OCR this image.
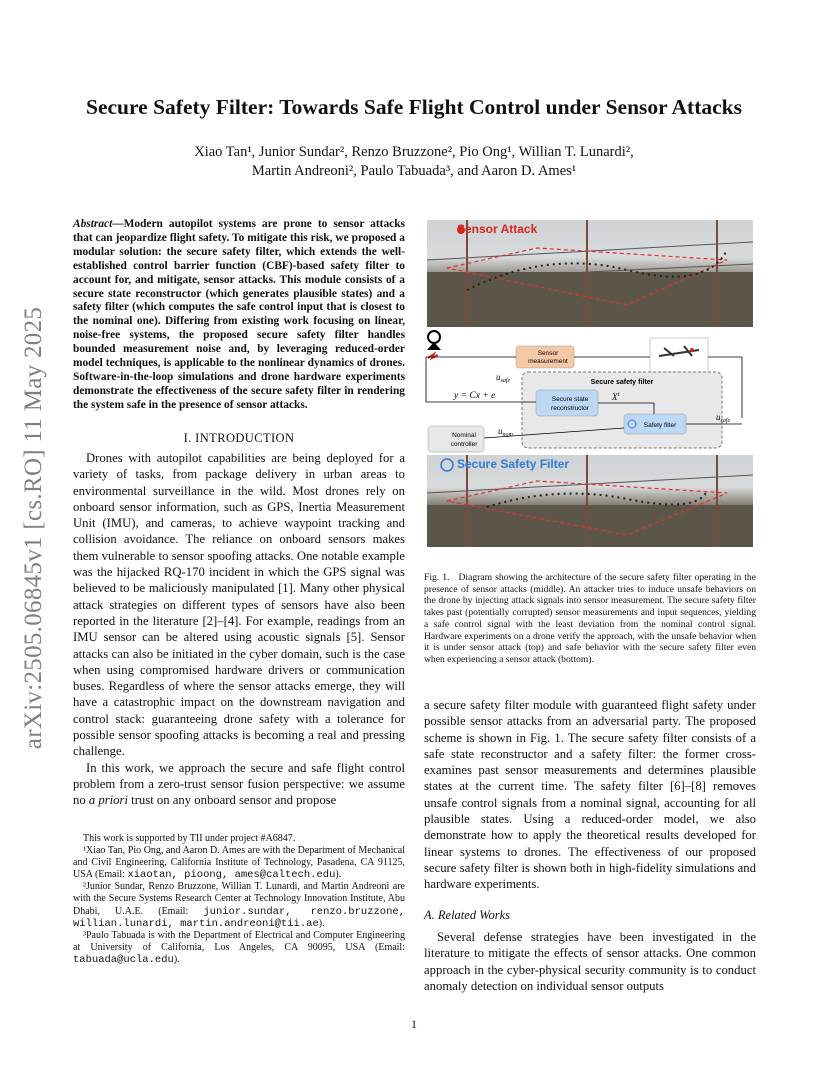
arXiv:2505.06845v1 [cs.RO] 11 May 2025
Secure Safety Filter: Towards Safe Flight Control under Sensor Attacks
Xiao Tan¹, Junior Sundar², Renzo Bruzzone², Pio Ong¹, Willian T. Lunardi²,
Martin Andreoni², Paulo Tabuada³, and Aaron D. Ames¹
Abstract—Modern autopilot systems are prone to sensor attacks that can jeopardize flight safety. To mitigate this risk, we proposed a modular solution: the secure safety filter, which extends the well-established control barrier function (CBF)-based safety filter to account for, and mitigate, sensor attacks. This module consists of a secure state reconstructor (which generates plausible states) and a safety filter (which computes the safe control input that is closest to the nominal one). Differing from existing work focusing on linear, noise-free systems, the proposed secure safety filter handles bounded measurement noise and, by leveraging reduced-order model techniques, is applicable to the nonlinear dynamics of drones. Software-in-the-loop simulations and drone hardware experiments demonstrate the effectiveness of the secure safety filter in rendering the system safe in the presence of sensor attacks.
I. INTRODUCTION

Drones with autopilot capabilities are being deployed for a variety of tasks, from package delivery in urban areas to environmental surveillance in the wild. Most drones rely on onboard sensor information, such as GPS, Inertia Measurement Unit (IMU), and cameras, to achieve waypoint tracking and collision avoidance. The reliance on onboard sensors makes them vulnerable to sensor spoofing attacks. One notable example was the hijacked RQ-170 incident in which the GPS signal was believed to be maliciously manipulated [1]. Many other physical attack strategies on different types of sensors have also been reported in the literature [2]–[4]. For example, readings from an IMU sensor can be altered using acoustic signals [5]. Sensor attacks can also be initiated in the cyber domain, such is the case when using compromised hardware drivers or communication buses. Regardless of where the sensor attacks emerge, they will have a catastrophic impact on the downstream navigation and control stack: guaranteeing drone safety with a tolerance for possible sensor spoofing attacks is becoming a real and pressing challenge.

In this work, we approach the secure and safe flight control problem from a zero-trust sensor fusion perspective: we assume no a priori trust on any onboard sensor and propose

This work is supported by TII under project #A6847.

¹Xiao Tan, Pio Ong, and Aaron D. Ames are with the Department of Mechanical and Civil Engineering, California Institute of Technology, Pasadena, CA 91125, USA (Email: xiaotan, pioong, ames@caltech.edu).

²Junior Sundar, Renzo Bruzzone, Willian T. Lunardi, and Martin Andreoni are with the Secure Systems Research Center at Technology Innovation Institute, Abu Dhabi, U.A.E. (Email: junior.sundar, renzo.bruzzone, willian.lunardi, martin.andreoni@tii.ae).

³Paulo Tabuada is with the Department of Electrical and Computer Engineering at University of California, Los Angeles, CA 90095, USA (Email: tabuada@ucla.edu).

Sensor Attack
Sensor
measurement
Secure safety filter
Secure state
reconstructor
Safety filter
$X^t$
$u_{safe}$
$u_{safe}$
y = Cx + e
Nominal
controller
$u_{nom}$
Secure Safety Filter
Fig. 1. Diagram showing the architecture of the secure safety filter operating in the presence of sensor attacks (middle). An attacker tries to induce unsafe behaviors on the drone by injecting attack signals into sensor measurement. The secure safety filter takes past (potentially corrupted) sensor measurements and input sequences, yielding a safe control signal with the least deviation from the nominal control signal. Hardware experiments on a drone verify the approach, with the unsafe behavior when it is under sensor attack (top) and safe behavior with the secure safety filter even when experiencing a sensor attack (bottom).

a secure safety filter module with guaranteed flight safety under possible sensor attacks from an adversarial party. The proposed scheme is shown in Fig. 1. The secure safety filter consists of a safe state reconstructor and a safety filter: the former cross-examines past sensor measurements and determines plausible states at the current time. The safety filter [6]–[8] removes unsafe control signals from a nominal signal, accounting for all plausible states. Using a reduced-order model, we also demonstrate how to apply the theoretical results developed for linear systems to drones. The effectiveness of our proposed secure safety filter is shown both in high-fidelity simulations and hardware experiments.

A. Related Works

Several defense strategies have been investigated in the literature to mitigate the effects of sensor attacks. One common approach in the cyber-physical security community is to conduct anomaly detection on individual sensor outputs

1
